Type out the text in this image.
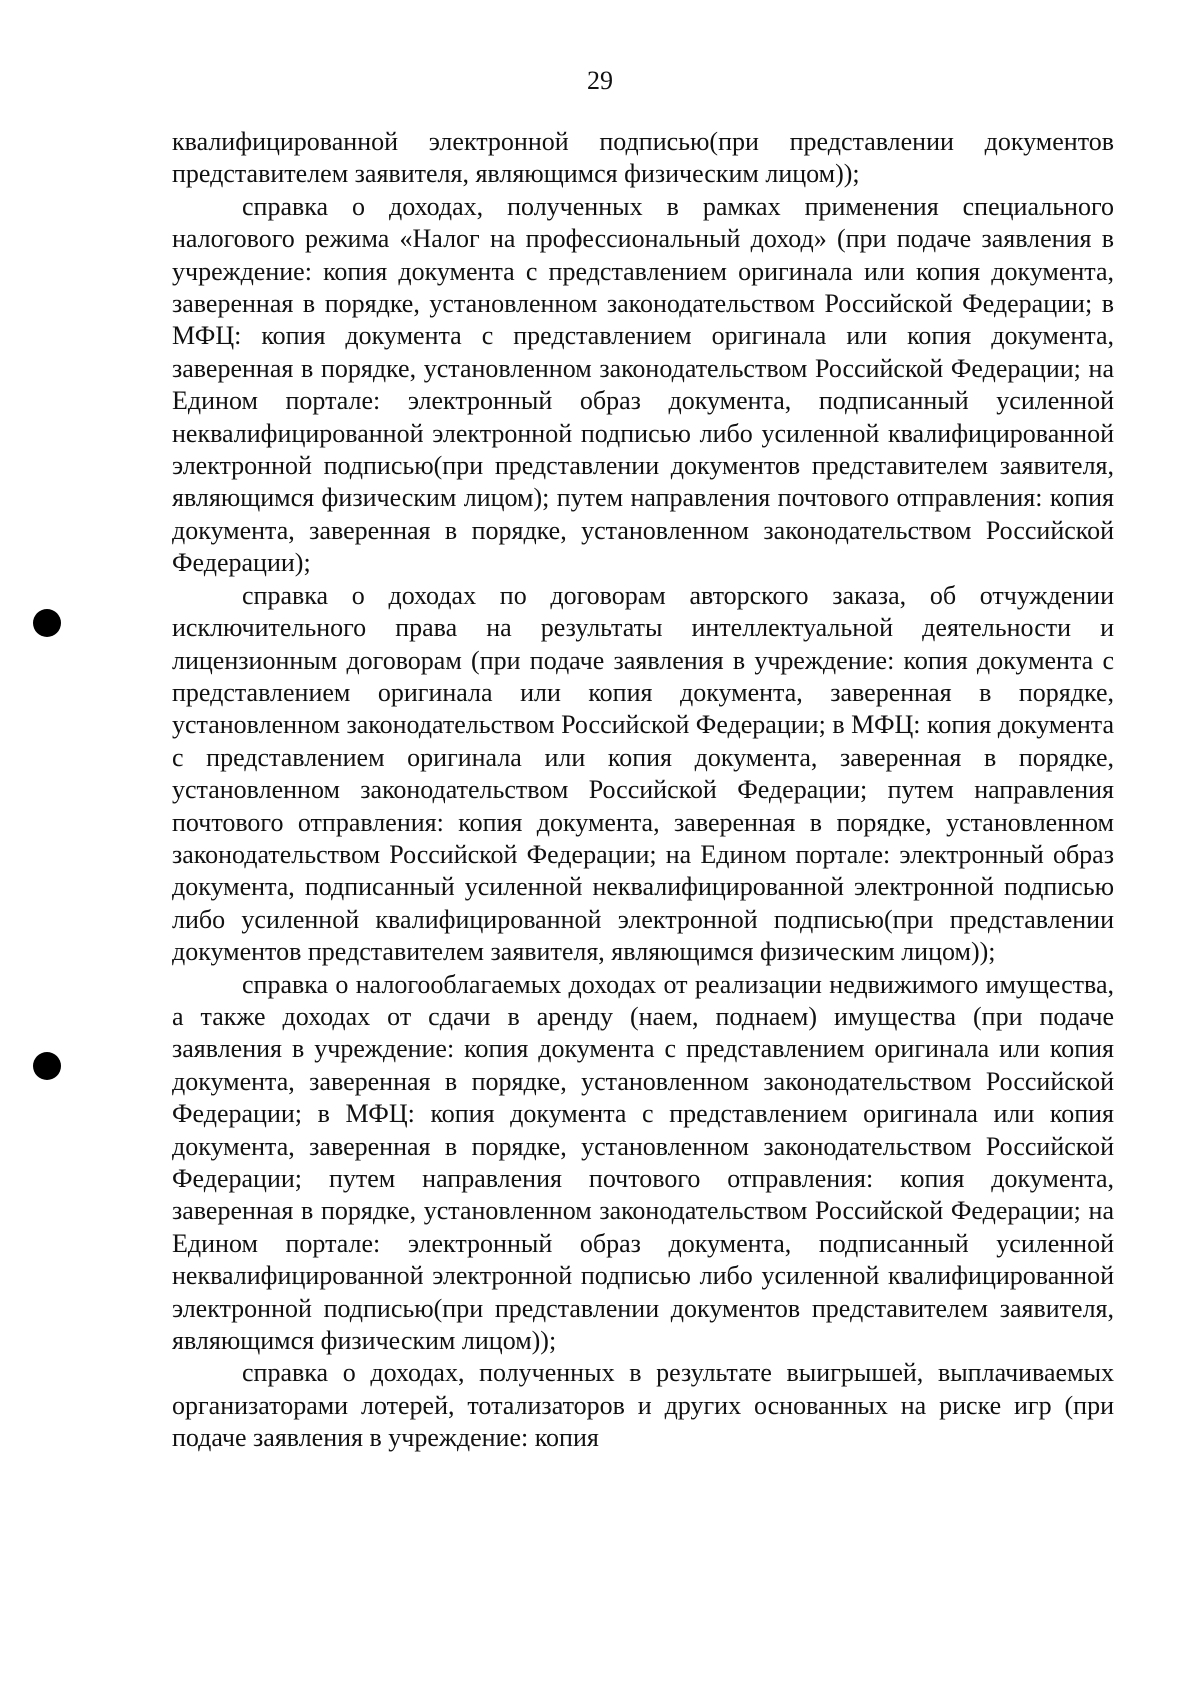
29

квалифицированной электронной подписью(при представлении документов представителем заявителя, являющимся физическим лицом));

справка о доходах, полученных в рамках применения специального налогового режима «Налог на профессиональный доход» (при подаче заявления в учреждение: копия документа с представлением оригинала или копия документа, заверенная в порядке, установленном законодательством Российской Федерации; в МФЦ: копия документа с представлением оригинала или копия документа, заверенная в порядке, установленном законодательством Российской Федерации; на Едином портале: электронный образ документа, подписанный усиленной неквалифицированной электронной подписью либо усиленной квалифицированной электронной подписью(при представлении документов представителем заявителя, являющимся физическим лицом); путем направления почтового отправления: копия документа, заверенная в порядке, установленном законодательством Российской Федерации);

справка о доходах по договорам авторского заказа, об отчуждении исключительного права на результаты интеллектуальной деятельности и лицензионным договорам (при подаче заявления в учреждение: копия документа с представлением оригинала или копия документа, заверенная в порядке, установленном законодательством Российской Федерации; в МФЦ: копия документа с представлением оригинала или копия документа, заверенная в порядке, установленном законодательством Российской Федерации; путем направления почтового отправления: копия документа, заверенная в порядке, установленном законодательством Российской Федерации; на Едином портале: электронный образ документа, подписанный усиленной неквалифицированной электронной подписью либо усиленной квалифицированной электронной подписью(при представлении документов представителем заявителя, являющимся физическим лицом));

справка о налогооблагаемых доходах от реализации недвижимого имущества, а также доходах от сдачи в аренду (наем, поднаем) имущества (при подаче заявления в учреждение: копия документа с представлением оригинала или копия документа, заверенная в порядке, установленном законодательством Российской Федерации; в МФЦ: копия документа с представлением оригинала или копия документа, заверенная в порядке, установленном законодательством Российской Федерации; путем направления почтового отправления: копия документа, заверенная в порядке, установленном законодательством Российской Федерации; на Едином портале: электронный образ документа, подписанный усиленной неквалифицированной электронной подписью либо усиленной квалифицированной электронной подписью(при представлении документов представителем заявителя, являющимся физическим лицом));

справка о доходах, полученных в результате выигрышей, выплачиваемых организаторами лотерей, тотализаторов и других основанных на риске игр (при подаче заявления в учреждение: копия
